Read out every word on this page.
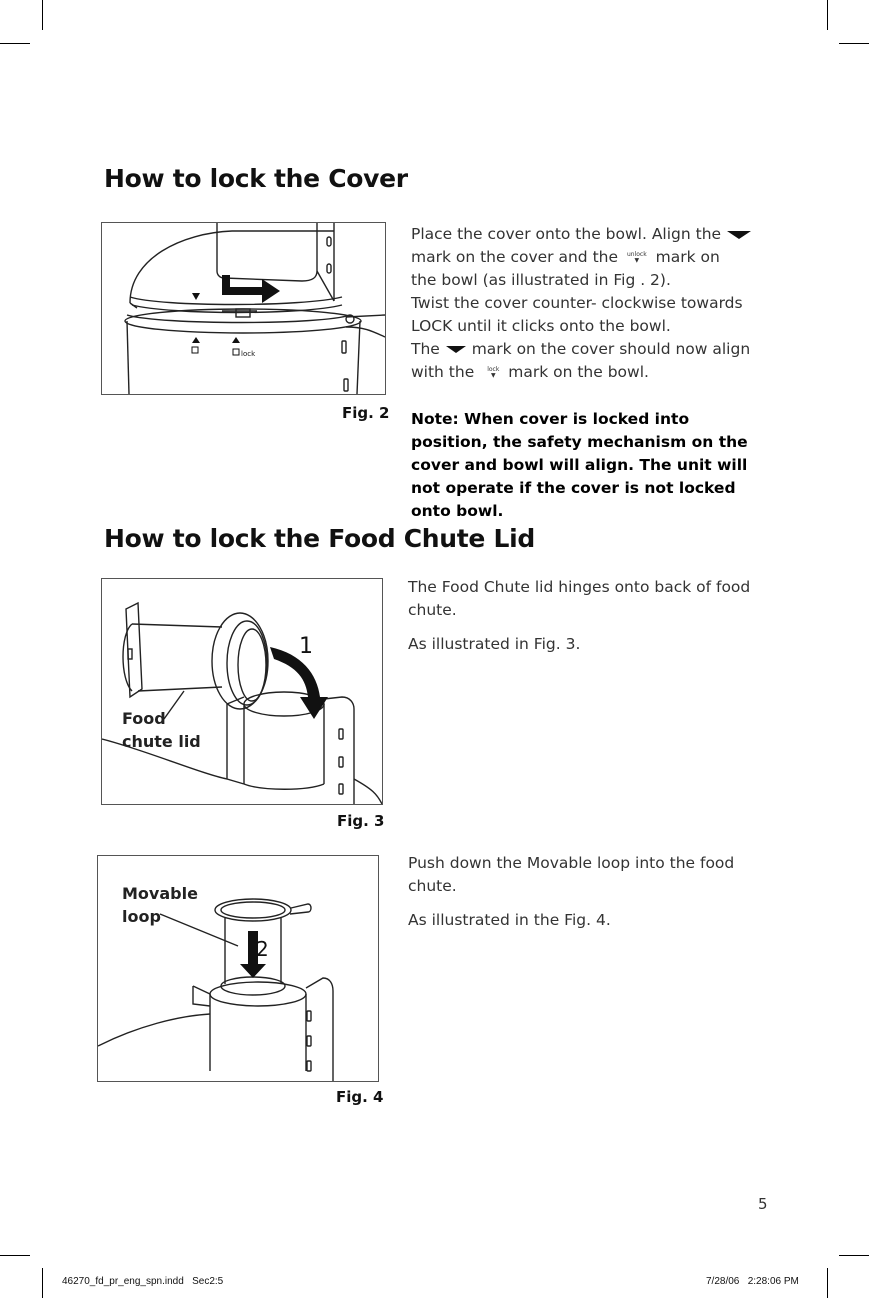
How to lock the Cover
lock
Fig. 2
Place the cover onto the bowl. Align the
mark on the cover and the unlock
▼ mark on
the bowl (as illustrated in Fig . 2).
Twist the cover counter- clockwise towards LOCK until it clicks onto the bowl.
The mark on the cover should now align
with the lock
▼ mark on the bowl.
Note: When cover is locked into position, the safety mechanism on the cover and bowl will align. The unit will not operate if the cover is not locked onto bowl.
How to lock the Food Chute Lid
1
Food chute lid
Fig. 3
The Food Chute lid hinges onto back of food chute.
As illustrated in Fig. 3.
2
Movable loop
Fig. 4
Push down the Movable loop into the food chute.
As illustrated in the Fig. 4.
5
46270_fd_pr_eng_spn.indd   Sec2:5	7/28/06   2:28:06 PM
